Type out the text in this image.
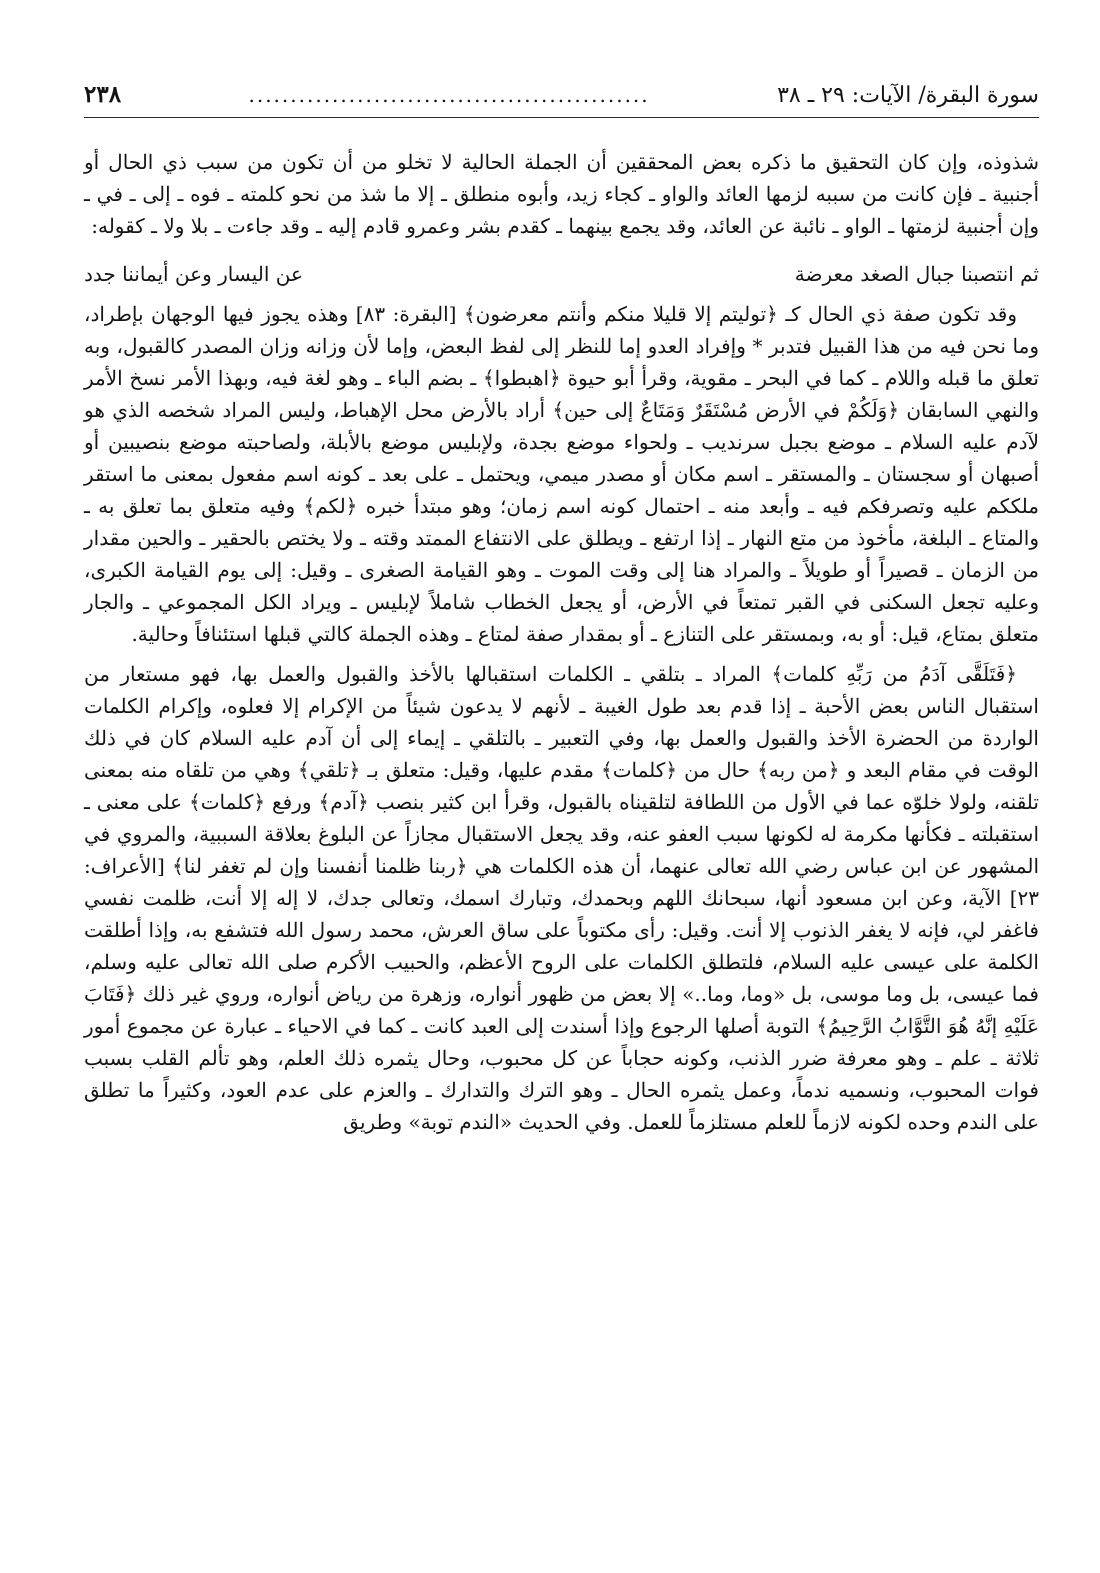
سورة البقرة/ الآيات: ٢٩ ـ ٣٨
................................................
٢٣٨

شذوذه، وإن كان التحقيق ما ذكره بعض المحققين أن الجملة الحالية لا تخلو من أن تكون من سبب ذي الحال أو أجنبية ـ فإن كانت من سببه لزمها العائد والواو ـ كجاء زيد، وأبوه منطلق ـ إلا ما شذ من نحو كلمته ـ فوه ـ إلى ـ في ـ وإن أجنبية لزمتها ـ الواو ـ نائبة عن العائد، وقد يجمع بينهما ـ كقدم بشر وعمرو قادم إليه ـ وقد جاءت ـ بلا ولا ـ كقوله:

ثم انتصبنا جبال الصغد معرضة
عن اليسار وعن أيماننا جدد

وقد تكون صفة ذي الحال كـ ﴿توليتم إلا قليلا منكم وأنتم معرضون﴾ [البقرة: ٨٣] وهذه يجوز فيها الوجهان بإطراد، وما نحن فيه من هذا القبيل فتدبر * وإفراد العدو إما للنظر إلى لفظ البعض، وإما لأن وزانه وزان المصدر كالقبول، وبه تعلق ما قبله واللام ـ كما في البحر ـ مقوية، وقرأ أبو حيوة ﴿اهبطوا﴾ ـ بضم الباء ـ وهو لغة فيه، وبهذا الأمر نسخ الأمر والنهي السابقان ﴿وَلَكُمْ في الأرض مُسْتَقَرٌ وَمَتَاعٌ إلى حين﴾ أراد بالأرض محل الإهباط، وليس المراد شخصه الذي هو لآدم عليه السلام ـ موضع بجبل سرنديب ـ ولحواء موضع بجدة، ولإبليس موضع بالأبلة، ولصاحبته موضع بنصيبين أو أصبهان أو سجستان ـ والمستقر ـ اسم مكان أو مصدر ميمي، ويحتمل ـ على بعد ـ كونه اسم مفعول بمعنى ما استقر ملككم عليه وتصرفكم فيه ـ وأبعد منه ـ احتمال كونه اسم زمان؛ وهو مبتدأ خبره ﴿لكم﴾ وفيه متعلق بما تعلق به ـ والمتاع ـ البلغة، مأخوذ من متع النهار ـ إذا ارتفع ـ ويطلق على الانتفاع الممتد وقته ـ ولا يختص بالحقير ـ والحين مقدار من الزمان ـ قصيراً أو طويلاً ـ والمراد هنا إلى وقت الموت ـ وهو القيامة الصغرى ـ وقيل: إلى يوم القيامة الكبرى، وعليه تجعل السكنى في القبر تمتعاً في الأرض، أو يجعل الخطاب شاملاً لإبليس ـ ويراد الكل المجموعي ـ والجار متعلق بمتاع، قيل: أو به، وبمستقر على التنازع ـ أو بمقدار صفة لمتاع ـ وهذه الجملة كالتي قبلها استئنافاً وحالية.

﴿فَتَلَقَّى آدَمُ من رَبِّهِ كلمات﴾ المراد ـ بتلقي ـ الكلمات استقبالها بالأخذ والقبول والعمل بها، فهو مستعار من استقبال الناس بعض الأحبة ـ إذا قدم بعد طول الغيبة ـ لأنهم لا يدعون شيئاً من الإكرام إلا فعلوه، وإكرام الكلمات الواردة من الحضرة الأخذ والقبول والعمل بها، وفي التعبير ـ بالتلقي ـ إيماء إلى أن آدم عليه السلام كان في ذلك الوقت في مقام البعد و ﴿من ربه﴾ حال من ﴿كلمات﴾ مقدم عليها، وقيل: متعلق بـ ﴿تلقي﴾ وهي من تلقاه منه بمعنى تلقنه، ولولا خلوّه عما في الأول من اللطافة لتلقيناه بالقبول، وقرأ ابن كثير بنصب ﴿آدم﴾ ورفع ﴿كلمات﴾ على معنى ـ استقبلته ـ فكأنها مكرمة له لكونها سبب العفو عنه، وقد يجعل الاستقبال مجازاً عن البلوغ بعلاقة السببية، والمروي في المشهور عن ابن عباس رضي الله تعالى عنهما، أن هذه الكلمات هي ﴿ربنا ظلمنا أنفسنا وإن لم تغفر لنا﴾ [الأعراف: ٢٣] الآية، وعن ابن مسعود أنها، سبحانك اللهم وبحمدك، وتبارك اسمك، وتعالى جدك، لا إله إلا أنت، ظلمت نفسي فاغفر لي، فإنه لا يغفر الذنوب إلا أنت. وقيل: رأى مكتوباً على ساق العرش، محمد رسول الله فتشفع به، وإذا أطلقت الكلمة على عيسى عليه السلام، فلتطلق الكلمات على الروح الأعظم، والحبيب الأكرم صلى الله تعالى عليه وسلم، فما عيسى، بل وما موسى، بل «وما، وما..» إلا بعض من ظهور أنواره، وزهرة من رياض أنواره، وروي غير ذلك ﴿فَتَابَ عَلَيْهِ إنَّهُ هُوَ التَّوَّابُ الرَّحِيمُ﴾ التوبة أصلها الرجوع وإذا أسندت إلى العبد كانت ـ كما في الاحياء ـ عبارة عن مجموع أمور ثلاثة ـ علم ـ وهو معرفة ضرر الذنب، وكونه حجاباً عن كل محبوب، وحال يثمره ذلك العلم، وهو تألم القلب بسبب فوات المحبوب، ونسميه ندماً، وعمل يثمره الحال ـ وهو الترك والتدارك ـ والعزم على عدم العود، وكثيراً ما تطلق على الندم وحده لكونه لازماً للعلم مستلزماً للعمل. وفي الحديث «الندم توبة» وطريق
